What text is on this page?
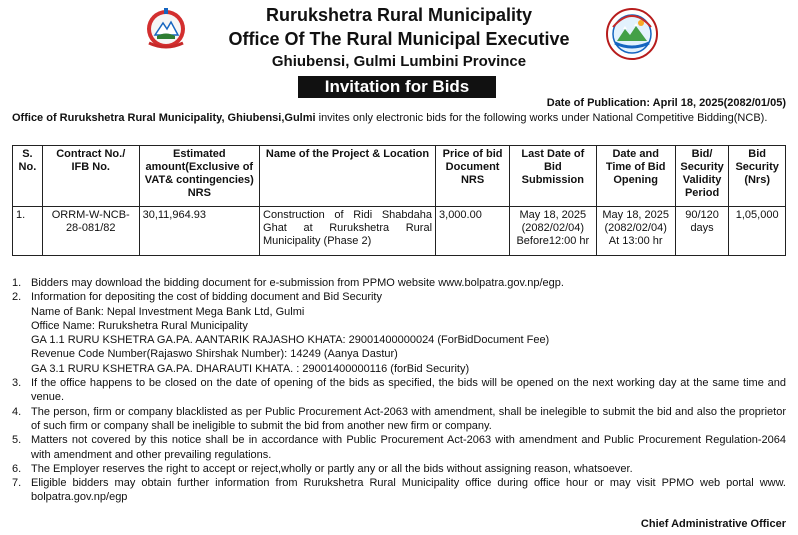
Rurukshetra Rural Municipality
Office Of The Rural Municipal Executive
Ghiubensi, Gulmi Lumbini Province
Invitation for Bids
Date of Publication: April 18, 2025(2082/01/05)
Office of Rurukshetra Rural Municipality, Ghiubensi,Gulmi invites only electronic bids for the following works under National Competitive Bidding(NCB).
S. No.	Contract No./ IFB No.	Estimated amount(Exclusive of VAT& contingencies) NRS	Name of the Project & Location	Price of bid Document NRS	Last Date of Bid Submission	Date and Time of Bid Opening	Bid/ Security Validity Period	Bid Security (Nrs)
1.	ORRM-W-NCB-28-081/82	30,11,964.93	Construction of Ridi Shabdaha Ghat at Rurukshetra Rural Municipality (Phase 2)	3,000.00	May 18, 2025 (2082/02/04) Before12:00 hr	May 18, 2025 (2082/02/04) At 13:00 hr	90/120 days	1,05,000
1. Bidders may download the bidding document for e-submission from PPMO website www.bolpatra.gov.np/egp.
2. Information for depositing the cost of bidding document and Bid Security
Name of Bank: Nepal Investment Mega Bank Ltd, Gulmi
Office Name: Rurukshetra Rural Municipality
GA 1.1 RURU KSHETRA GA.PA. AANTARIK RAJASHO KHATA: 29001400000024 (ForBidDocument Fee)
Revenue Code Number(Rajaswo Shirshak Number): 14249 (Aanya Dastur)
GA 3.1 RURU KSHETRA GA.PA. DHARAUTI KHATA. : 29001400000116 (forBid Security)
3. If the office happens to be closed on the date of opening of the bids as specified, the bids will be opened on the next working day at the same time and venue.
4. The person, firm or company blacklisted as per Public Procurement Act-2063 with amendment, shall be inelegible to submit the bid and also the proprietor of such firm or company shall be ineligible to submit the bid from another new firm or company.
5. Matters not covered by this notice shall be in accordance with Public Procurement Act-2063 with amendment and Public Procurement Regulation-2064 with amendment and other prevailing regulations.
6. The Employer reserves the right to accept or reject,wholly or partly any or all the bids without assigning reason, whatsoever.
7. Eligible bidders may obtain further information from Rurukshetra Rural Municipality office during office hour or may visit PPMO web portal www. bolpatra.gov.np/egp
Chief Administrative Officer
